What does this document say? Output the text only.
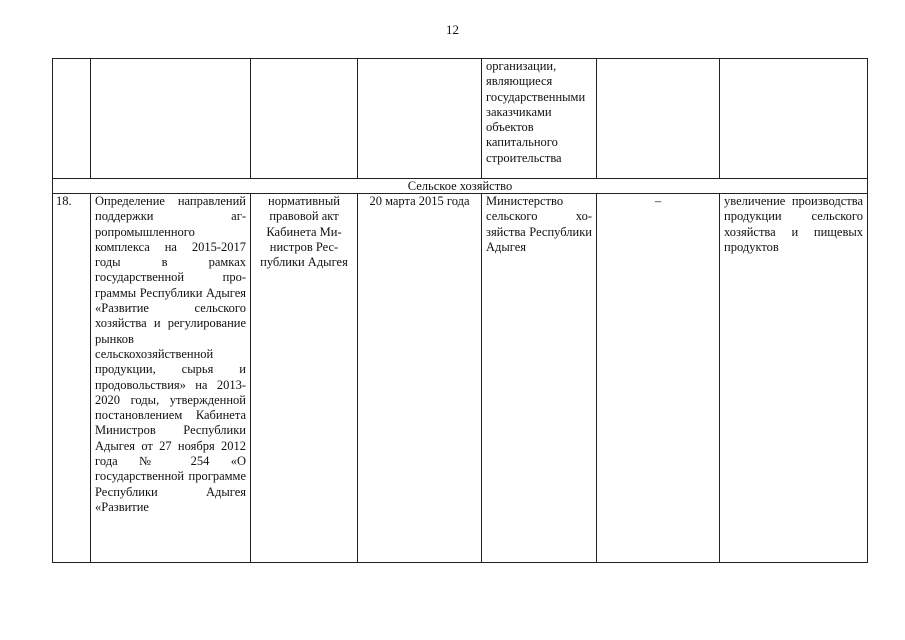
12
				организации, являющиеся государственными заказчиками объектов капитального строительства		
Сельское хозяйство						
18.	Определение направлений поддержки агропромышленного комплекса на 2015-2017 годы в рамках государственной программы Республики Адыгея «Развитие сельского хозяйства и регулирование рынков сельскохозяйственной продукции, сырья и продовольствия» на 2013-2020 годы, утвержденной постановлением Кабинета Министров Республики Адыгея от 27 ноября 2012 года № 254 «О государственной программе Республики Адыгея «Развитие	нормативный правовой акт Кабинета Министров Республики Адыгея	20 марта 2015 года	Министерство сельского хозяйства Республики Адыгея	–	увеличение производства продукции сельского хозяйства и пищевых продуктов
